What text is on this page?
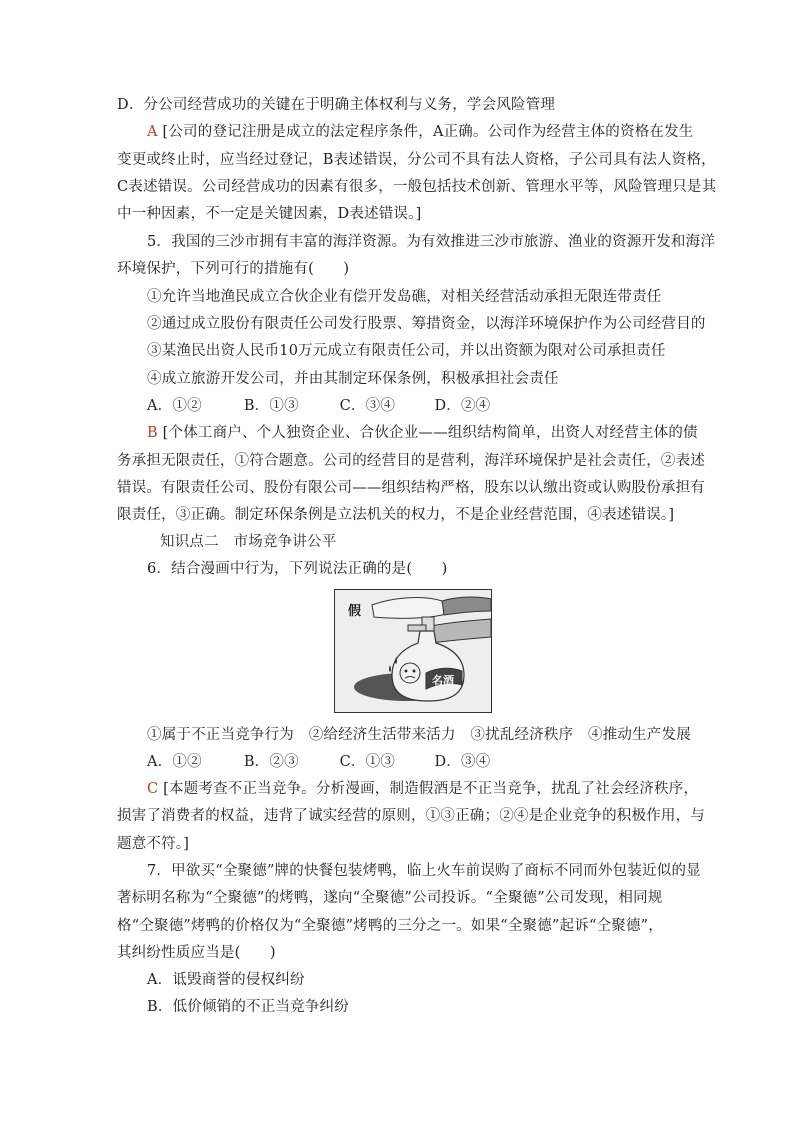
D．分公司经营成功的关键在于明确主体权利与义务，学会风险管理
A [公司的登记注册是成立的法定程序条件，A正确。公司作为经营主体的资格在发生
变更或终止时，应当经过登记，B表述错误，分公司不具有法人资格，子公司具有法人资格，
C表述错误。公司经营成功的因素有很多，一般包括技术创新、管理水平等，风险管理只是其
中一种因素，不一定是关键因素，D表述错误。]
5．我国的三沙市拥有丰富的海洋资源。为有效推进三沙市旅游、渔业的资源开发和海洋
环境保护，下列可行的措施有(　　)
①允许当地渔民成立合伙企业有偿开发岛礁，对相关经营活动承担无限连带责任
②通过成立股份有限责任公司发行股票、筹措资金，以海洋环境保护作为公司经营目的
③某渔民出资人民币10万元成立有限责任公司，并以出资额为限对公司承担责任
④成立旅游开发公司，并由其制定环保条例，积极承担社会责任
A．①②	B．①③	C．③④	D．②④
B [个体工商户、个人独资企业、合伙企业——组织结构简单，出资人对经营主体的债
务承担无限责任，①符合题意。公司的经营目的是营利，海洋环境保护是社会责任，②表述
错误。有限责任公司、股份有限公司——组织结构严格，股东以认缴出资或认购股份承担有
限责任，③正确。制定环保条例是立法机关的权力，不是企业经营范围，④表述错误。]
知识点二　市场竞争讲公平
6．结合漫画中行为，下列说法正确的是(　　)
假
名酒
①属于不正当竞争行为　②给经济生活带来活力　③扰乱经济秩序　④推动生产发展
A．①②	B．②③	C．①③	D．③④
C [本题考查不正当竞争。分析漫画，制造假酒是不正当竞争，扰乱了社会经济秩序，
损害了消费者的权益，违背了诚实经营的原则，①③正确；②④是企业竞争的积极作用，与
题意不符。]
7．甲欲买“全聚德”牌的快餐包装烤鸭，临上火车前误购了商标不同而外包装近似的显
著标明名称为“仝聚德”的烤鸭，遂向“全聚德”公司投诉。“全聚德”公司发现，相同规
格“仝聚德”烤鸭的价格仅为“全聚德”烤鸭的三分之一。如果“全聚德”起诉“仝聚德”，
其纠纷性质应当是(　　)
A．诋毁商誉的侵权纠纷
B．低价倾销的不正当竞争纠纷
